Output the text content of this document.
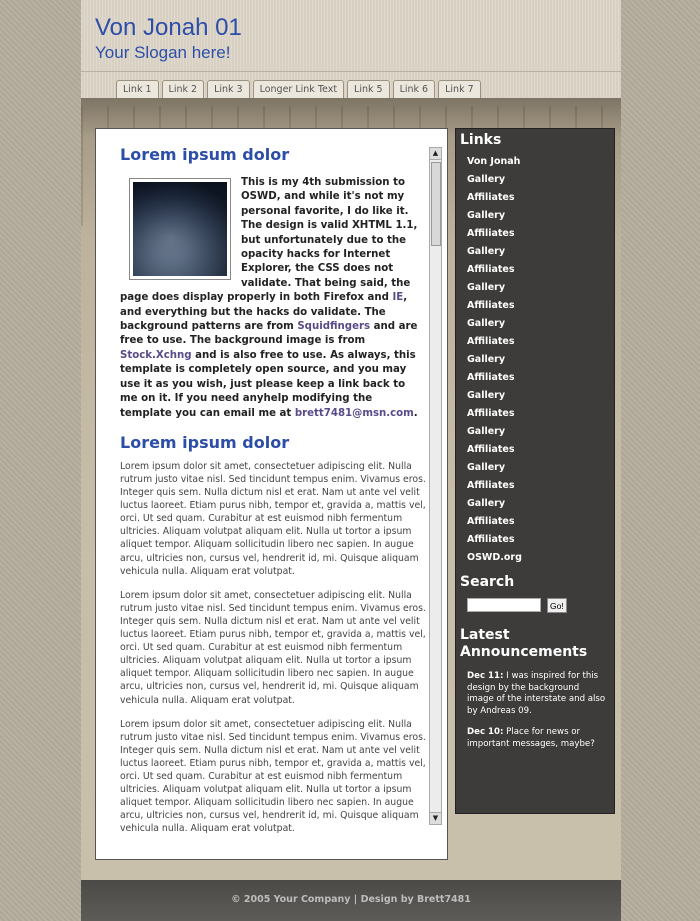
Von Jonah 01
Your Slogan here!
Link 1	Link 2	Link 3	Longer Link Text	Link 5	Link 6	Link 7
Lorem ipsum dolor
This is my 4th submission to OSWD, and while it's not my personal favorite, I do like it. The design is valid XHTML 1.1, but unfortunately due to the opacity hacks for Internet Explorer, the CSS does not validate. That being said, the page does display properly in both Firefox and IE, and everything but the hacks do validate. The background patterns are from Squidfingers and are free to use. The background image is from Stock.Xchng and is also free to use. As always, this template is completely open source, and you may use it as you wish, just please keep a link back to me on it. If you need anyhelp modifying the template you can email me at brett7481@msn.com.
Lorem ipsum dolor
Lorem ipsum dolor sit amet, consectetuer adipiscing elit. Nulla rutrum justo vitae nisl. Sed tincidunt tempus enim. Vivamus eros. Integer quis sem. Nulla dictum nisl et erat. Nam ut ante vel velit luctus laoreet. Etiam purus nibh, tempor et, gravida a, mattis vel, orci. Ut sed quam. Curabitur at est euismod nibh fermentum ultricies. Aliquam volutpat aliquam elit. Nulla ut tortor a ipsum aliquet tempor. Aliquam sollicitudin libero nec sapien. In augue arcu, ultricies non, cursus vel, hendrerit id, mi. Quisque aliquam vehicula nulla. Aliquam erat volutpat.
Lorem ipsum dolor sit amet, consectetuer adipiscing elit. Nulla rutrum justo vitae nisl. Sed tincidunt tempus enim. Vivamus eros. Integer quis sem. Nulla dictum nisl et erat. Nam ut ante vel velit luctus laoreet. Etiam purus nibh, tempor et, gravida a, mattis vel, orci. Ut sed quam. Curabitur at est euismod nibh fermentum ultricies. Aliquam volutpat aliquam elit. Nulla ut tortor a ipsum aliquet tempor. Aliquam sollicitudin libero nec sapien. In augue arcu, ultricies non, cursus vel, hendrerit id, mi. Quisque aliquam vehicula nulla. Aliquam erat volutpat.
Lorem ipsum dolor sit amet, consectetuer adipiscing elit. Nulla rutrum justo vitae nisl. Sed tincidunt tempus enim. Vivamus eros. Integer quis sem. Nulla dictum nisl et erat. Nam ut ante vel velit luctus laoreet. Etiam purus nibh, tempor et, gravida a, mattis vel, orci. Ut sed quam. Curabitur at est euismod nibh fermentum ultricies. Aliquam volutpat aliquam elit. Nulla ut tortor a ipsum aliquet tempor. Aliquam sollicitudin libero nec sapien. In augue arcu, ultricies non, cursus vel, hendrerit id, mi. Quisque aliquam vehicula nulla. Aliquam erat volutpat.
▲
▼
Links
Von Jonah
Gallery
Affiliates
Gallery
Affiliates
Gallery
Affiliates
Gallery
Affiliates
Gallery
Affiliates
Gallery
Affiliates
Gallery
Affiliates
Gallery
Affiliates
Gallery
Affiliates
Gallery
Affiliates
Affiliates
OSWD.org
Search
Go!
Latest Announcements
Dec 11: I was inspired for this design by the background image of the interstate and also by Andreas 09.
Dec 10: Place for news or important messages, maybe?
© 2005 Your Company | Design by Brett7481
